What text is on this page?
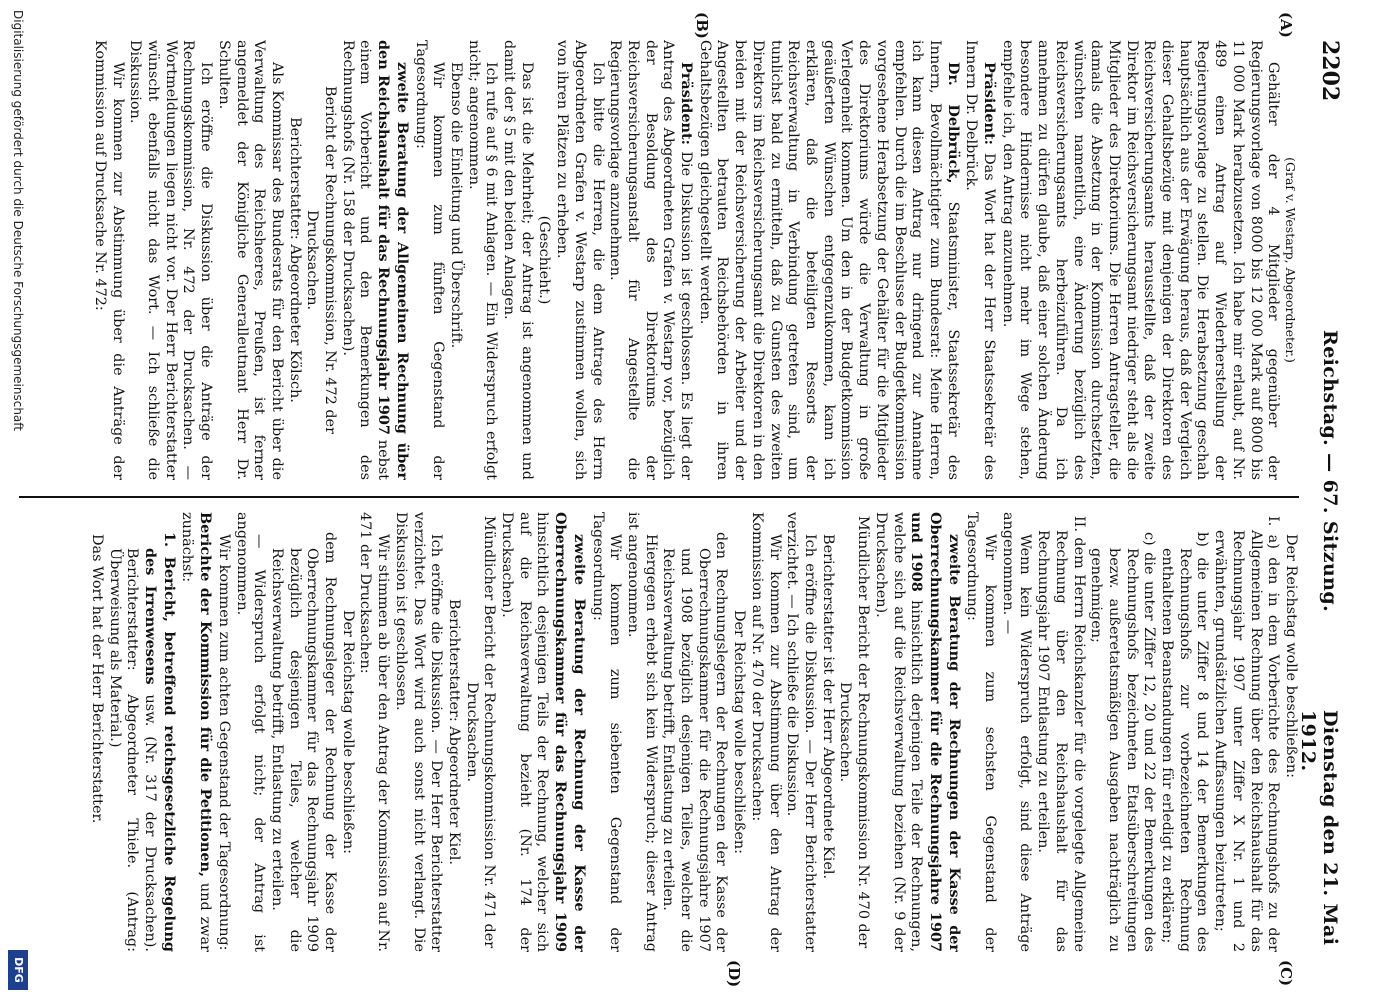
2202
Reichstag. — 67. Sitzung.
Dienstag den 21. Mai 1912.
(A)
(B)
(C)
(D)

(Graf v. Westarp, Abgeordneter.)

Gehälter der 4 Mitglieder gegenüber der Regierungsvorlage von 8000 bis 12 000 Mark auf 8000 bis 11 000 Mark herabzusetzen. Ich habe mir erlaubt, auf Nr. 489 einen Antrag auf Wiederherstellung der Regierungsvorlage zu stellen. Die Herabsetzung geschah hauptsächlich aus der Erwägung heraus, daß der Vergleich dieser Gehaltsbezüge mit denjenigen der Direktoren des Reichsversicherungsamts herausstellte, daß der zweite Direktor im Reichsversicherungsamt niedriger steht als die Mitglieder des Direktoriums. Die Herren Antragsteller, die damals die Absetzung in der Kommission durchsetzten, wünschten namentlich, eine Änderung bezüglich des Reichsversicherungsamts herbeizuführen. Da ich annehmen zu dürfen glaube, daß einer solchen Änderung besondere Hindernisse nicht mehr im Wege stehen, empfehle ich, den Antrag anzunehmen.

Präsident: Das Wort hat der Herr Staatssekretär des Innern Dr. Delbrück.

Dr. Delbrück, Staatsminister, Staatssekretär des Innern, Bevollmächtigter zum Bundesrat: Meine Herren, ich kann diesen Antrag nur dringend zur Annahme empfehlen. Durch die im Beschlusse der Budgetkommission vorgesehene Herabsetzung der Gehälter für die Mitglieder des Direktoriums würde die Verwaltung in große Verlegenheit kommen. Um den in der Budgetkommission geäußerten Wünschen entgegenzukommen, kann ich erklären, daß die beteiligten Ressorts der Reichsverwaltung in Verbindung getreten sind, um tunlichst bald zu ermitteln, daß zu Gunsten des zweiten Direktors im Reichsversicherungsamt die Direktoren in den beiden mit der Reichsversicherung der Arbeiter und der Angestellten betrauten Reichsbehörden in ihren Gehaltsbezügen gleichgestellt werden.

Präsident: Die Diskussion ist geschlossen. Es liegt der Antrag des Abgeordneten Grafen v. Westarp vor, bezüglich der Besoldung des Direktoriums der Reichsversicherungsanstalt für Angestellte die Regierungsvorlage anzunehmen.

Ich bitte die Herren, die dem Antrage des Herrn Abgeordneten Grafen v. Westarp zustimmen wollen, sich von ihren Plätzen zu erheben.

(Geschieht.)

Das ist die Mehrheit; der Antrag ist angenommen und damit der § 5 mit den beiden Anlagen.

Ich rufe auf § 6 mit Anlagen. — Ein Widerspruch erfolgt nicht; angenommen.

Ebenso die Einleitung und Überschrift.

Wir kommen zum fünften Gegenstand der Tagesordnung:

zweite Beratung der Allgemeinen Rechnung über den Reichshaushalt für das Rechnungsjahr 1907 nebst einem Vorbericht und den Bemerkungen des Rechnungshofs (Nr. 158 der Drucksachen).

Bericht der Rechnungskommission, Nr. 472 der Drucksachen.

Berichterstatter: Abgeordneter Kölsch.

Als Kommissar des Bundesrats für den Bericht über die Verwaltung des Reichsheeres, Preußen, ist ferner angemeldet der Königliche Generalleutnant Herr Dr. Schulten.

Ich eröffne die Diskussion über die Anträge der Rechnungskommission, Nr. 472 der Drucksachen. — Wortmeldungen liegen nicht vor. Der Herr Berichterstatter wünscht ebenfalls nicht das Wort. — Ich schließe die Diskussion.

Wir kommen zur Abstimmung über die Anträge der Kommission auf Drucksache Nr. 472:

Der Reichstag wolle beschließen:

I. a) den in dem Vorberichte des Rechnungshofs zu der Allgemeinen Rechnung über den Reichshaushalt für das Rechnungsjahr 1907 unter Ziffer X Nr. 1 und 2 erwähnten, grundsätzlichen Auffassungen beizutreten;

b) die unter Ziffer 8 und 14 der Bemerkungen des Rechnungshofs zur vorbezeichneten Rechnung enthaltenen Beanstandungen für erledigt zu erklären;

c) die unter Ziffer 12, 20 und 22 der Bemerkungen des Rechnungshofs bezeichneten Etatsüberschreitungen bezw. außeretatsmäßigen Ausgaben nachträglich zu genehmigen;

II. dem Herrn Reichskanzler für die vorgelegte Allgemeine Rechnung über den Reichshaushalt für das Rechnungsjahr 1907 Entlastung zu erteilen.

Wenn kein Widerspruch erfolgt, sind diese Anträge angenommen. —

Wir kommen zum sechsten Gegenstand der Tagesordnung:

zweite Beratung der Rechnungen der Kasse der Oberrechnungskammer für die Rechnungsjahre 1907 und 1908 hinsichtlich derjenigen Teile der Rechnungen, welche sich auf die Reichsverwaltung beziehen (Nr. 9 der Drucksachen).

Mündlicher Bericht der Rechnungskommission Nr. 470 der Drucksachen.

Berichterstatter ist der Herr Abgeordnete Kiel.

Ich eröffne die Diskussion. — Der Herr Berichterstatter verzichtet. — Ich schließe die Diskussion.

Wir kommen zur Abstimmung über den Antrag der Kommission auf Nr. 470 der Drucksachen:

Der Reichstag wolle beschließen:

den Rechnungslegern der Rechnungen der Kasse der Oberrechnungskammer für die Rechnungsjahre 1907 und 1908 bezüglich desjenigen Teiles, welcher die Reichsverwaltung betrifft, Entlastung zu erteilen.

Hiergegen erhebt sich kein Widerspruch; dieser Antrag ist angenommen.

Wir kommen zum siebenten Gegenstand der Tagesordnung:

zweite Beratung der Rechnung der Kasse der Oberrechnungskammer für das Rechnungsjahr 1909 hinsichtlich desjenigen Teils der Rechnung, welcher sich auf die Reichsverwaltung bezieht (Nr. 174 der Drucksachen).

Mündlicher Bericht der Rechnungskommission Nr. 471 der Drucksachen.

Berichterstatter: Abgeordneter Kiel.

Ich eröffne die Diskussion. — Der Herr Berichterstatter verzichtet. Das Wort wird auch sonst nicht verlangt. Die Diskussion ist geschlossen.

Wir stimmen ab über den Antrag der Kommission auf Nr. 471 der Drucksachen:

Der Reichstag wolle beschließen:

dem Rechnungsleger der Rechnung der Kasse der Oberrechnungskammer für das Rechnungsjahr 1909 bezüglich desjenigen Teiles, welcher die Reichsverwaltung betrifft, Entlastung zu erteilen.

— Widerspruch erfolgt nicht; der Antrag ist angenommen.

Wir kommen zum achten Gegenstand der Tagesordnung:
Berichte der Kommission für die Petitionen, und zwar zunächst:

1. Bericht, betreffend reichsgesetzliche Regelung des Irrenwesens usw. (Nr. 317 der Drucksachen). Berichterstatter: Abgeordneter Thiele. (Antrag: Überweisung als Material.)

Das Wort hat der Herr Berichterstatter.

Digitalisierung gefördert durch die Deutsche Forschungsgemeinschaft
DFG
